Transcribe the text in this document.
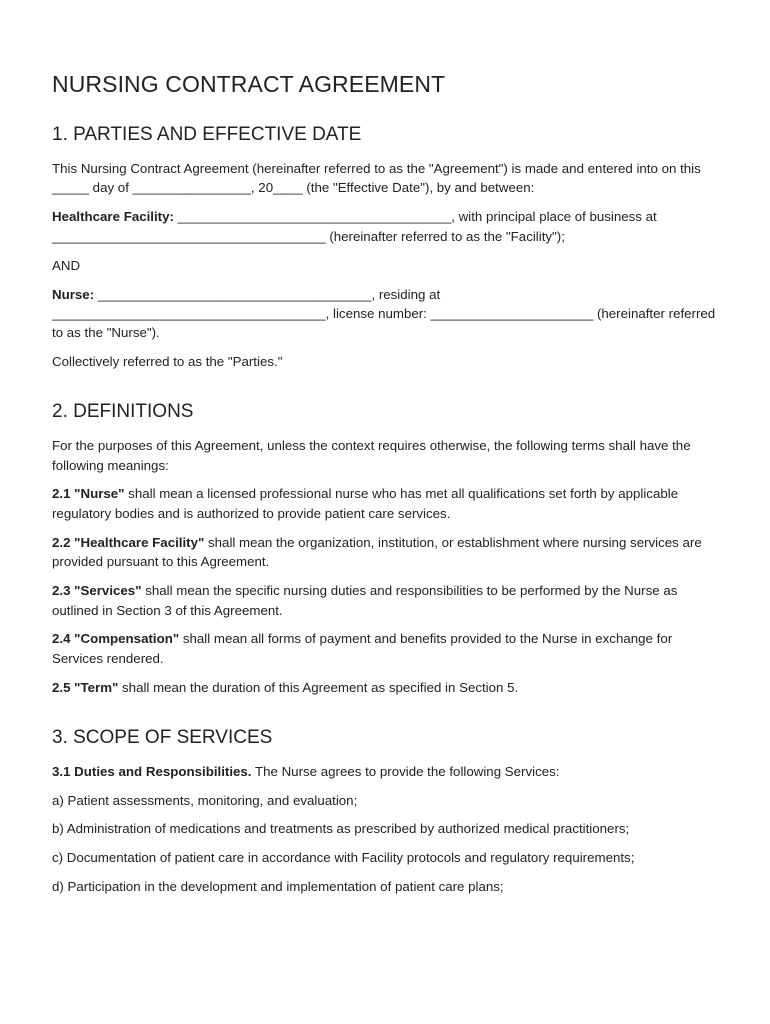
NURSING CONTRACT AGREEMENT
1. PARTIES AND EFFECTIVE DATE

This Nursing Contract Agreement (hereinafter referred to as the "Agreement") is made and entered into on this _____ day of ________________, 20____ (the "Effective Date"), by and between:

Healthcare Facility: _____________________________________, with principal place of business at _____________________________________ (hereinafter referred to as the "Facility");

AND

Nurse: _____________________________________, residing at _____________________________________, license number: ______________________ (hereinafter referred to as the "Nurse").

Collectively referred to as the "Parties."

2. DEFINITIONS

For the purposes of this Agreement, unless the context requires otherwise, the following terms shall have the following meanings:

2.1 "Nurse" shall mean a licensed professional nurse who has met all qualifications set forth by applicable regulatory bodies and is authorized to provide patient care services.

2.2 "Healthcare Facility" shall mean the organization, institution, or establishment where nursing services are provided pursuant to this Agreement.

2.3 "Services" shall mean the specific nursing duties and responsibilities to be performed by the Nurse as outlined in Section 3 of this Agreement.

2.4 "Compensation" shall mean all forms of payment and benefits provided to the Nurse in exchange for Services rendered.

2.5 "Term" shall mean the duration of this Agreement as specified in Section 5.

3. SCOPE OF SERVICES

3.1 Duties and Responsibilities. The Nurse agrees to provide the following Services:

a) Patient assessments, monitoring, and evaluation;

b) Administration of medications and treatments as prescribed by authorized medical practitioners;

c) Documentation of patient care in accordance with Facility protocols and regulatory requirements;

d) Participation in the development and implementation of patient care plans;
